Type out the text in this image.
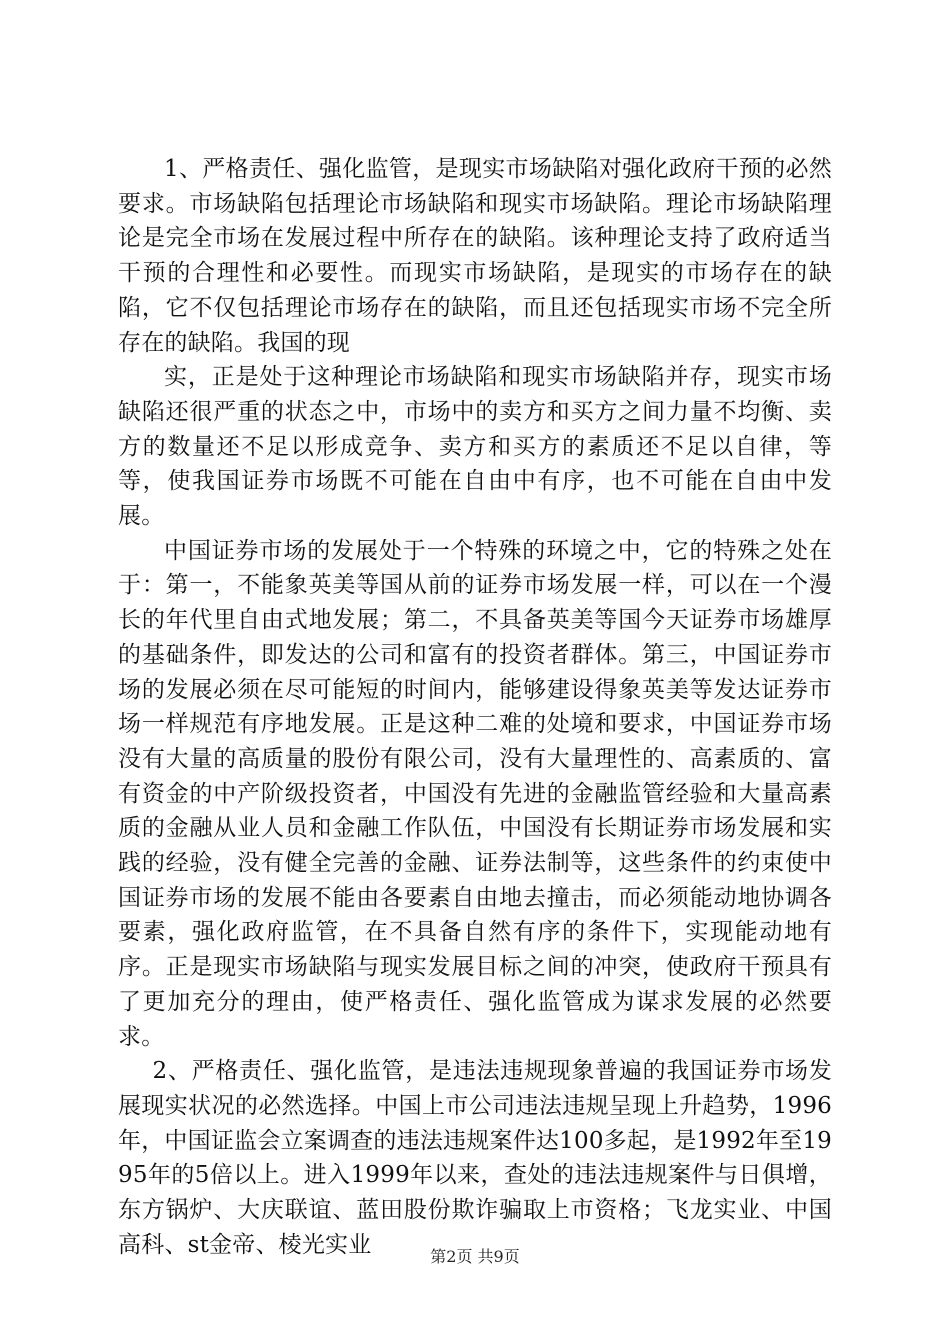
1、严格责任、强化监管，是现实市场缺陷对强化政府干预的必然要求。市场缺陷包括理论市场缺陷和现实市场缺陷。理论市场缺陷理论是完全市场在发展过程中所存在的缺陷。该种理论支持了政府适当干预的合理性和必要性。而现实市场缺陷，是现实的市场存在的缺陷，它不仅包括理论市场存在的缺陷，而且还包括现实市场不完全所存在的缺陷。我国的现

实，正是处于这种理论市场缺陷和现实市场缺陷并存，现实市场缺陷还很严重的状态之中，市场中的卖方和买方之间力量不均衡、卖方的数量还不足以形成竞争、卖方和买方的素质还不足以自律，等等，使我国证券市场既不可能在自由中有序，也不可能在自由中发展。

中国证券市场的发展处于一个特殊的环境之中，它的特殊之处在于：第一，不能象英美等国从前的证券市场发展一样，可以在一个漫长的年代里自由式地发展；第二，不具备英美等国今天证券市场雄厚的基础条件，即发达的公司和富有的投资者群体。第三，中国证券市场的发展必须在尽可能短的时间内，能够建设得象英美等发达证券市场一样规范有序地发展。正是这种二难的处境和要求，中国证券市场没有大量的高质量的股份有限公司，没有大量理性的、高素质的、富有资金的中产阶级投资者，中国没有先进的金融监管经验和大量高素质的金融从业人员和金融工作队伍，中国没有长期证券市场发展和实践的经验，没有健全完善的金融、证券法制等，这些条件的约束使中国证券市场的发展不能由各要素自由地去撞击，而必须能动地协调各要素，强化政府监管，在不具备自然有序的条件下，实现能动地有序。正是现实市场缺陷与现实发展目标之间的冲突，使政府干预具有了更加充分的理由，使严格责任、强化监管成为谋求发展的必然要求。

2、严格责任、强化监管，是违法违规现象普遍的我国证券市场发展现实状况的必然选择。中国上市公司违法违规呈现上升趋势，1996年，中国证监会立案调查的违法违规案件达100多起，是1992年至1995年的5倍以上。进入1999年以来，查处的违法违规案件与日俱增，东方锅炉、大庆联谊、蓝田股份欺诈骗取上市资格；飞龙实业、中国高科、st金帝、棱光实业	第2页 共9页
